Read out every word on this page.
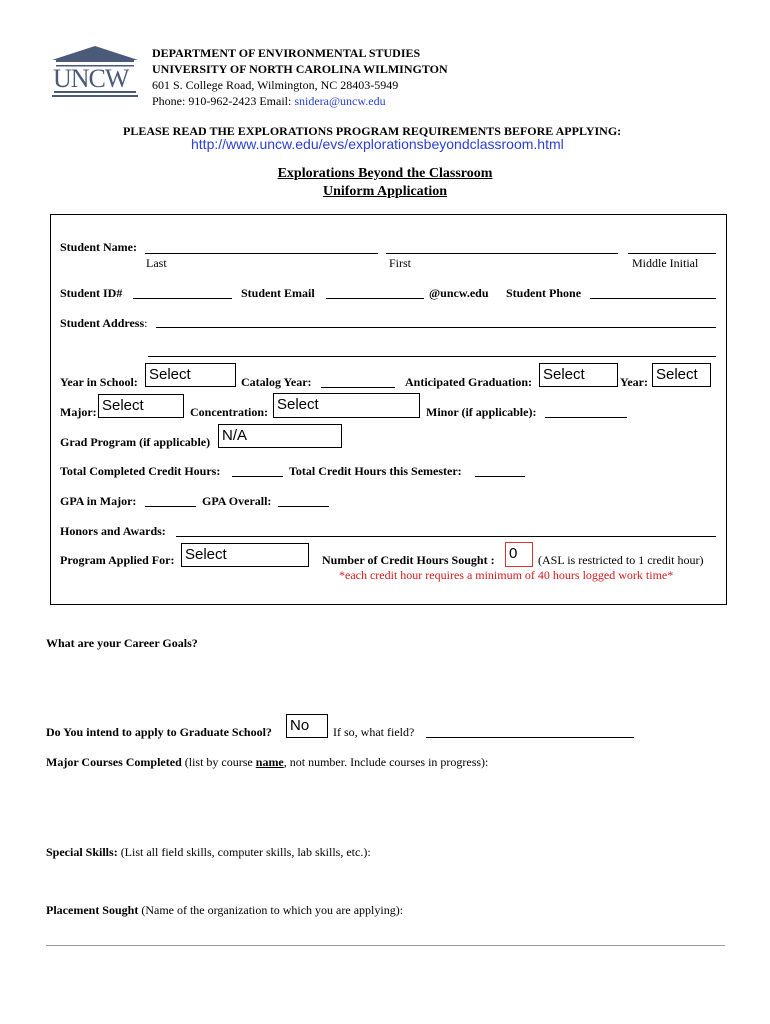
UNCW
DEPARTMENT OF ENVIRONMENTAL STUDIES
UNIVERSITY OF NORTH CAROLINA WILMINGTON
601 S. College Road, Wilmington, NC 28403-5949
Phone: 910-962-2423 Email: snidera@uncw.edu
PLEASE READ THE EXPLORATIONS PROGRAM REQUIREMENTS BEFORE APPLYING:
http://www.uncw.edu/evs/explorationsbeyondclassroom.html
Explorations Beyond the Classroom
Uniform Application
Student Name:
Last	First	Middle Initial
Student ID#	Student Email	@uncw.edu Student Phone
Student Address:
Year in School: Select	Catalog Year:	Anticipated Graduation: Select	Year: Select
Major: Select	Concentration: Select	Minor (if applicable):
Grad Program (if applicable) N/A
Total Completed Credit Hours:	Total Credit Hours this Semester:
GPA in Major:	GPA Overall:
Honors and Awards:
Program Applied For: Select	Number of Credit Hours Sought : 0	(ASL is restricted to 1 credit hour)
*each credit hour requires a minimum of 40 hours logged work time*
What are your Career Goals?
Do You intend to apply to Graduate School? No	If so, what field?
Major Courses Completed (list by course name, not number. Include courses in progress):
Special Skills: (List all field skills, computer skills, lab skills, etc.):
Placement Sought (Name of the organization to which you are applying):
